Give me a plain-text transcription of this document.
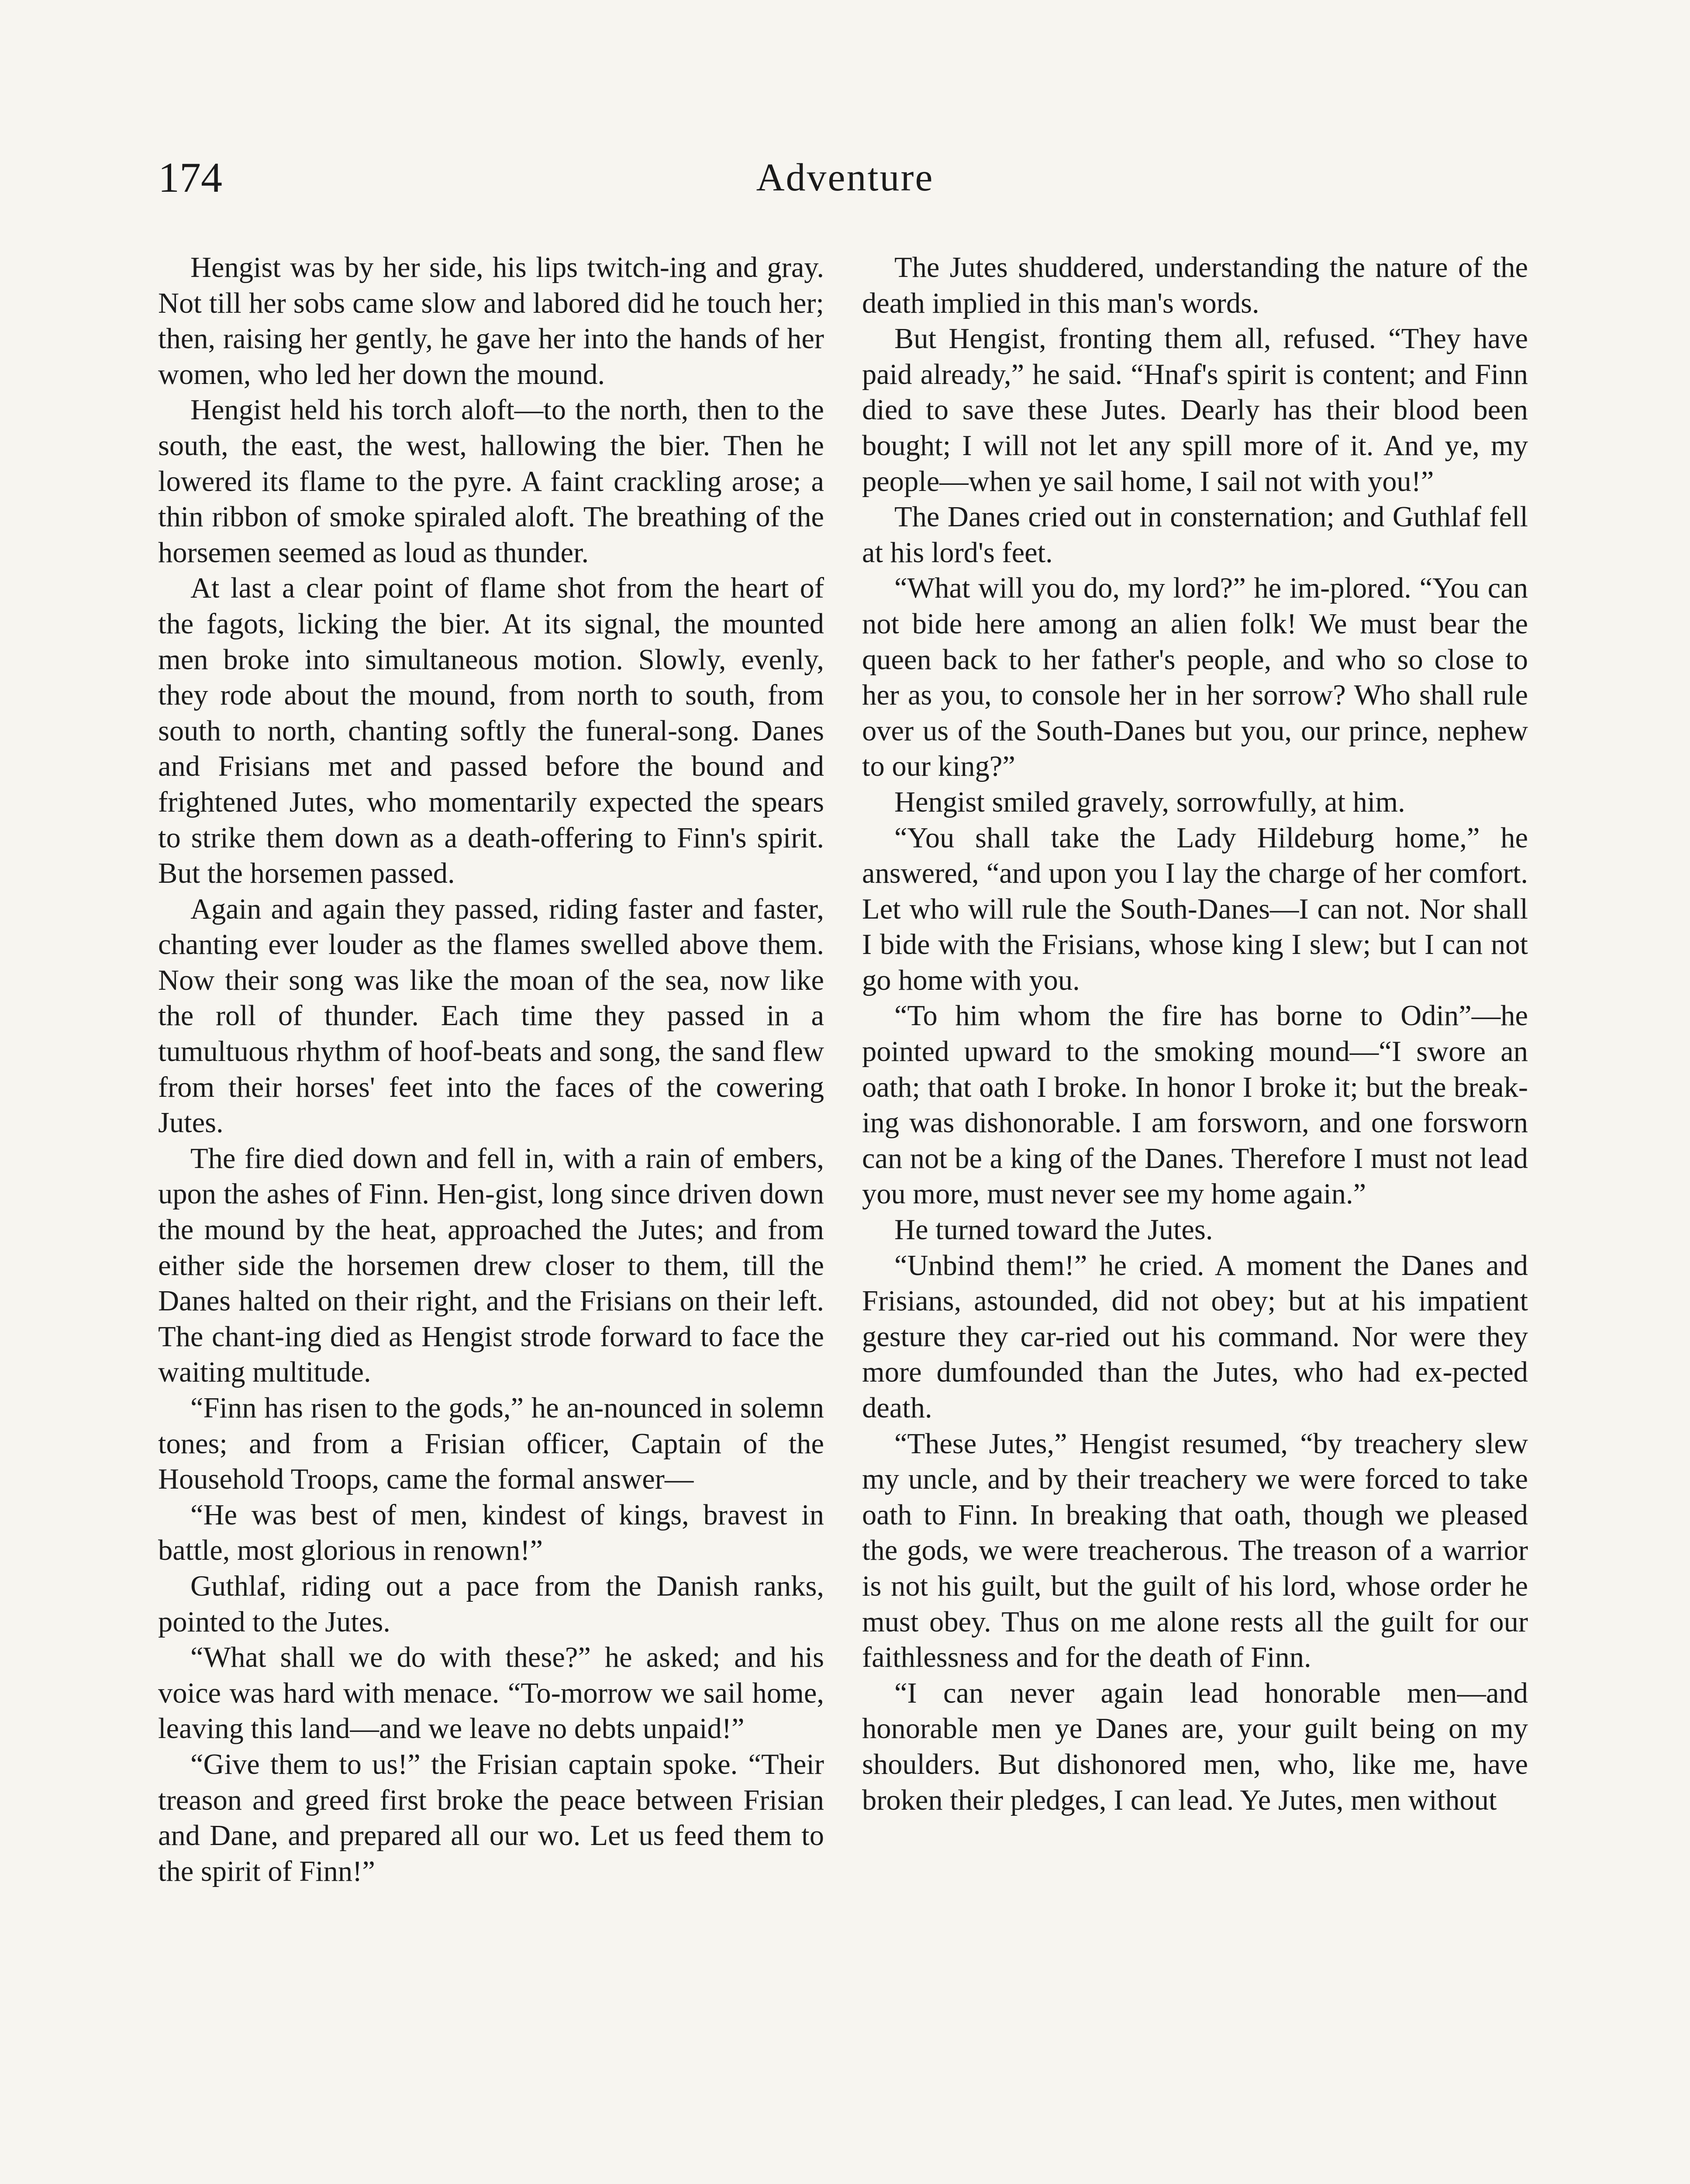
174	Adventure

Hengist was by her side, his lips twitch-ing and gray. Not till her sobs came slow and labored did he touch her; then, raising her gently, he gave her into the hands of her women, who led her down the mound.

Hengist held his torch aloft—to the north, then to the south, the east, the west, hallowing the bier. Then he lowered its flame to the pyre. A faint crackling arose; a thin ribbon of smoke spiraled aloft. The breathing of the horsemen seemed as loud as thunder.

At last a clear point of flame shot from the heart of the fagots, licking the bier. At its signal, the mounted men broke into simultaneous motion. Slowly, evenly, they rode about the mound, from north to south, from south to north, chanting softly the funeral-song. Danes and Frisians met and passed before the bound and frightened Jutes, who momentarily expected the spears to strike them down as a death-offering to Finn's spirit. But the horsemen passed.

Again and again they passed, riding faster and faster, chanting ever louder as the flames swelled above them. Now their song was like the moan of the sea, now like the roll of thunder. Each time they passed in a tumultuous rhythm of hoof-beats and song, the sand flew from their horses' feet into the faces of the cowering Jutes.

The fire died down and fell in, with a rain of embers, upon the ashes of Finn. Hen-gist, long since driven down the mound by the heat, approached the Jutes; and from either side the horsemen drew closer to them, till the Danes halted on their right, and the Frisians on their left. The chant-ing died as Hengist strode forward to face the waiting multitude.

“Finn has risen to the gods,” he an-nounced in solemn tones; and from a Frisian officer, Captain of the Household Troops, came the formal answer—

“He was best of men, kindest of kings, bravest in battle, most glorious in renown!”

Guthlaf, riding out a pace from the Danish ranks, pointed to the Jutes.

“What shall we do with these?” he asked; and his voice was hard with menace. “To-morrow we sail home, leaving this land—and we leave no debts unpaid!”

“Give them to us!” the Frisian captain spoke. “Their treason and greed first broke the peace between Frisian and Dane, and prepared all our wo. Let us feed them to the spirit of Finn!”

The Jutes shuddered, understanding the nature of the death implied in this man's words.

But Hengist, fronting them all, refused. “They have paid already,” he said. “Hnaf's spirit is content; and Finn died to save these Jutes. Dearly has their blood been bought; I will not let any spill more of it. And ye, my people—when ye sail home, I sail not with you!”

The Danes cried out in consternation; and Guthlaf fell at his lord's feet.

“What will you do, my lord?” he im-plored. “You can not bide here among an alien folk! We must bear the queen back to her father's people, and who so close to her as you, to console her in her sorrow? Who shall rule over us of the South-Danes but you, our prince, nephew to our king?”

Hengist smiled gravely, sorrowfully, at him.

“You shall take the Lady Hildeburg home,” he answered, “and upon you I lay the charge of her comfort. Let who will rule the South-Danes—I can not. Nor shall I bide with the Frisians, whose king I slew; but I can not go home with you.

“To him whom the fire has borne to Odin”—he pointed upward to the smoking mound—“I swore an oath; that oath I broke. In honor I broke it; but the break-ing was dishonorable. I am forsworn, and one forsworn can not be a king of the Danes. Therefore I must not lead you more, must never see my home again.”

He turned toward the Jutes.

“Unbind them!” he cried. A moment the Danes and Frisians, astounded, did not obey; but at his impatient gesture they car-ried out his command. Nor were they more dumfounded than the Jutes, who had ex-pected death.

“These Jutes,” Hengist resumed, “by treachery slew my uncle, and by their treachery we were forced to take oath to Finn. In breaking that oath, though we pleased the gods, we were treacherous. The treason of a warrior is not his guilt, but the guilt of his lord, whose order he must obey. Thus on me alone rests all the guilt for our faithlessness and for the death of Finn.

“I can never again lead honorable men—and honorable men ye Danes are, your guilt being on my shoulders. But dishonored men, who, like me, have broken their pledges, I can lead. Ye Jutes, men without
